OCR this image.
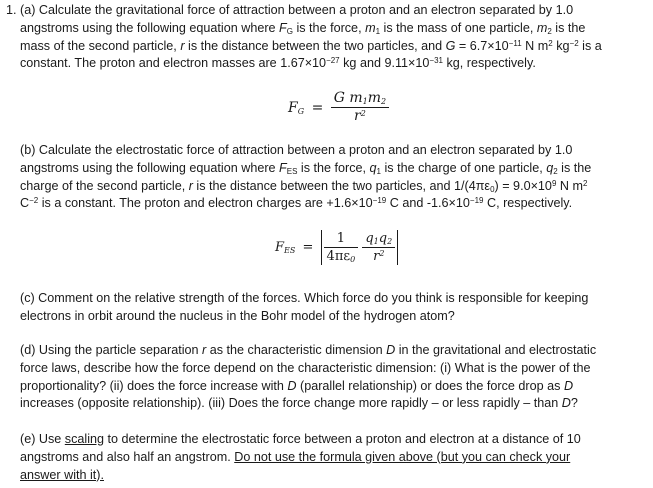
1. (a) Calculate the gravitational force of attraction between a proton and an electron separated by 1.0
angstroms using the following equation where $F_G$ is the force, $m_1$ is the mass of one particle, $m_2$ is the
mass of the second particle, r is the distance between the two particles, and $G = 6.7\times 10^{-11}$ N $m^2$ $kg^{-2}$ is a
constant. The proton and electron masses are $1.67\times 10^{-27}$ kg and $9.11\times 10^{-31}$ kg, respectively.
$F_G = \frac{G m_1m_2}{r^2}$
(b) Calculate the electrostatic force of attraction between a proton and an electron separated by 1.0
angstroms using the following equation where $F_{ES}$ is the force, $q_1$ is the charge of one particle, $q_2$ is the
charge of the second particle, r is the distance between the two particles, and $1/(4\pi\varepsilon_0) = 9.0\times 10^9$ N $m^2$
$C^{-2}$ is a constant. The proton and electron charges are $+1.6\times 10^{-19}$ C and $-1.6\times 10^{-19}$ C, respectively.
$F_{ES} = \frac{1}{4\pi\varepsilon_0}$
$\frac{q_1q_2}{r^2}$
(c) Comment on the relative strength of the forces. Which force do you think is responsible for keeping
electrons in orbit around the nucleus in the Bohr model of the hydrogen atom?
(d) Using the particle separation r as the characteristic dimension D in the gravitational and electrostatic
force laws, describe how the force depend on the characteristic dimension: (i) What is the power of the
proportionality? (ii) does the force increase with D (parallel relationship) or does the force drop as D
increases (opposite relationship). (iii) Does the force change more rapidly – or less rapidly – than D?
(e) Use scaling to determine the electrostatic force between a proton and electron at a distance of 10
angstroms and also half an angstrom. Do not use the formula given above (but you can check your
answer with it).
